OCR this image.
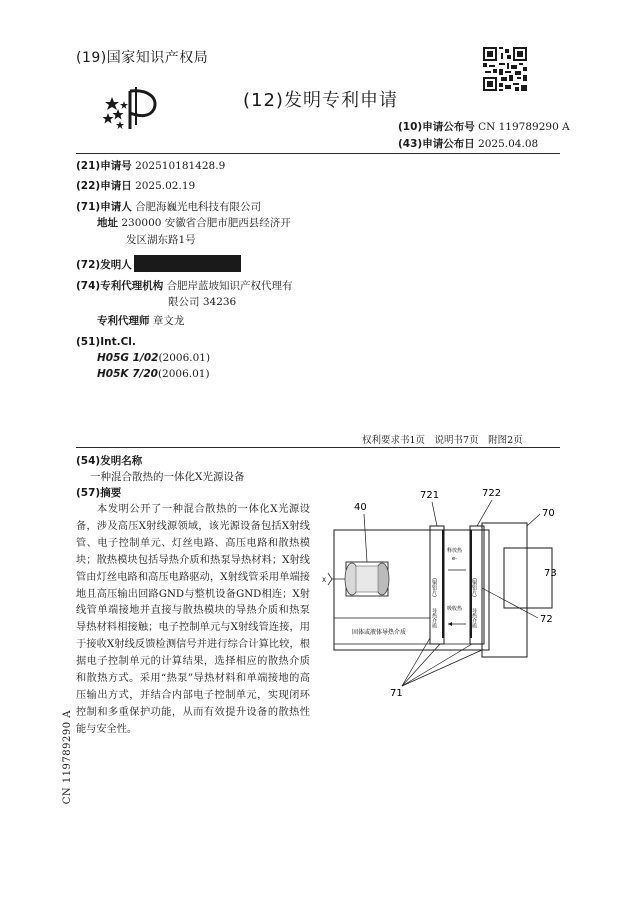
(19)国家知识产权局
(12)发明专利申请
(10)申请公布号 CN 119789290 A
(43)申请公布日 2025.04.08
(21)申请号 202510181428.9
(22)申请日 2025.02.19
(71)申请人 合肥海巍光电科技有限公司
地址 230000 安徽省合肥市肥西县经济开
发区湖东路1号
(72)发明人
(74)专利代理机构 合肥岸蓝坡知识产权代理有
限公司 34236
专利代理师 章文龙
(51)Int.Cl.
H05G 1/02(2006.01)
H05K 7/20(2006.01)
权利要求书1页　说明书7页　附图2页
(54)发明名称
一种混合散热的一体化X光源设备
(57)摘要
本发明公开了一种混合散热的一体化X光源设备，涉及高压X射线源领域，该光源设备包括X射线管、电子控制单元、灯丝电路、高压电路和散热模块；散热模块包括导热介质和热泵导热材料；X射线管由灯丝电路和高压电路驱动，X射线管采用单端接地且高压输出回路GND与整机设备GND相连；X射线管单端接地并直接与散热模块的导热介质和热泵导热材料相接触；电子控制单元与X射线管连接，用于接收X射线反馈检测信号并进行综合计算比较，根据电子控制单元的计算结果，选择相应的散热介质和散热方式。采用“热泵”导热材料和单端接地的高压输出方式，并结合内部电子控制单元，实现闭环控制和多重保护功能，从而有效提升设备的散热性能与安全性。
CN 119789290 A
X
固体或液体导热介质
(铜铝片)
导热介质
释放热
e-
吸收热
(铜铝片)
导热介质
40
721	722
70
73
72
71
